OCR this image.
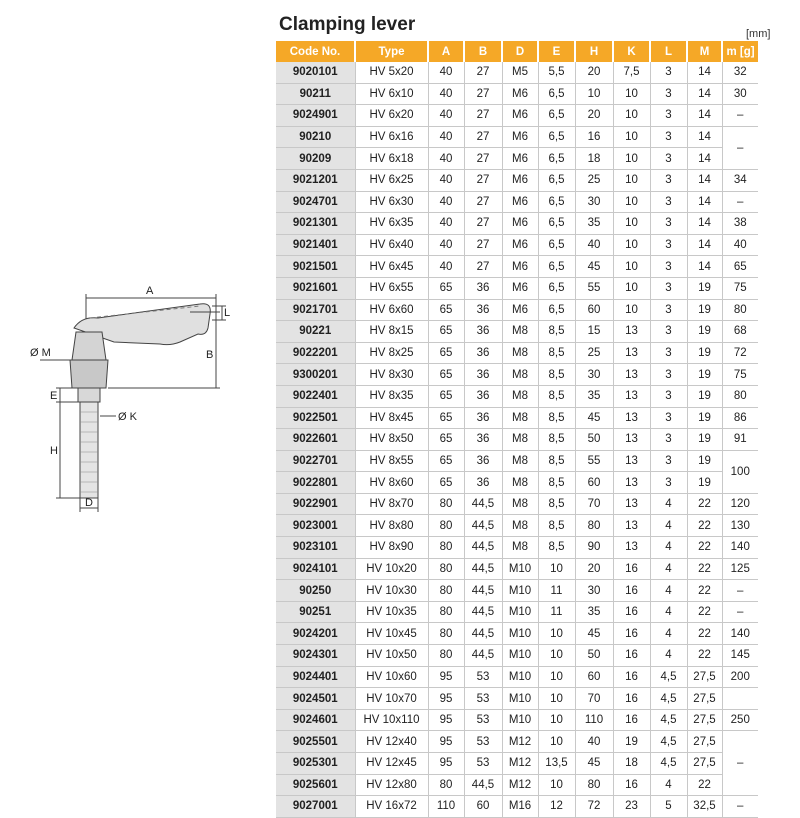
Clamping lever	[mm]
A
L
B
Ø M
E
Ø K
H
D
Code No.	Type	A	B	D	E	H	K	L	M	m [g]
9020101	HV 5x20	40	27	M5	5,5	20	7,5	3	14	32
90211	HV 6x10	40	27	M6	6,5	10	10	3	14	30
9024901	HV 6x20	40	27	M6	6,5	20	10	3	14	–
90210	HV 6x16	40	27	M6	6,5	16	10	3	14	–
90209	HV 6x18	40	27	M6	6,5	18	10	3	14	
9021201	HV 6x25	40	27	M6	6,5	25	10	3	14	34
9024701	HV 6x30	40	27	M6	6,5	30	10	3	14	–
9021301	HV 6x35	40	27	M6	6,5	35	10	3	14	38
9021401	HV 6x40	40	27	M6	6,5	40	10	3	14	40
9021501	HV 6x45	40	27	M6	6,5	45	10	3	14	65
9021601	HV 6x55	65	36	M6	6,5	55	10	3	19	75
9021701	HV 6x60	65	36	M6	6,5	60	10	3	19	80
90221	HV 8x15	65	36	M8	8,5	15	13	3	19	68
9022201	HV 8x25	65	36	M8	8,5	25	13	3	19	72
9300201	HV 8x30	65	36	M8	8,5	30	13	3	19	75
9022401	HV 8x35	65	36	M8	8,5	35	13	3	19	80
9022501	HV 8x45	65	36	M8	8,5	45	13	3	19	86
9022601	HV 8x50	65	36	M8	8,5	50	13	3	19	91
9022701	HV 8x55	65	36	M8	8,5	55	13	3	19	100
9022801	HV 8x60	65	36	M8	8,5	60	13	3	19	
9022901	HV 8x70	80	44,5	M8	8,5	70	13	4	22	120
9023001	HV 8x80	80	44,5	M8	8,5	80	13	4	22	130
9023101	HV 8x90	80	44,5	M8	8,5	90	13	4	22	140
9024101	HV 10x20	80	44,5	M10	10	20	16	4	22	125
90250	HV 10x30	80	44,5	M10	11	30	16	4	22	–
90251	HV 10x35	80	44,5	M10	11	35	16	4	22	–
9024201	HV 10x45	80	44,5	M10	10	45	16	4	22	140
9024301	HV 10x50	80	44,5	M10	10	50	16	4	22	145
9024401	HV 10x60	95	53	M10	10	60	16	4,5	27,5	200
9024501	HV 10x70	95	53	M10	10	70	16	4,5	27,5	
9024601	HV 10x110	95	53	M10	10	110	16	4,5	27,5	250
9025501	HV 12x40	95	53	M12	10	40	19	4,5	27,5	–
9025301	HV 12x45	95	53	M12	13,5	45	18	4,5	27,5	
9025601	HV 12x80	80	44,5	M12	10	80	16	4	22	
9027001	HV 16x72	110	60	M16	12	72	23	5	32,5	–
